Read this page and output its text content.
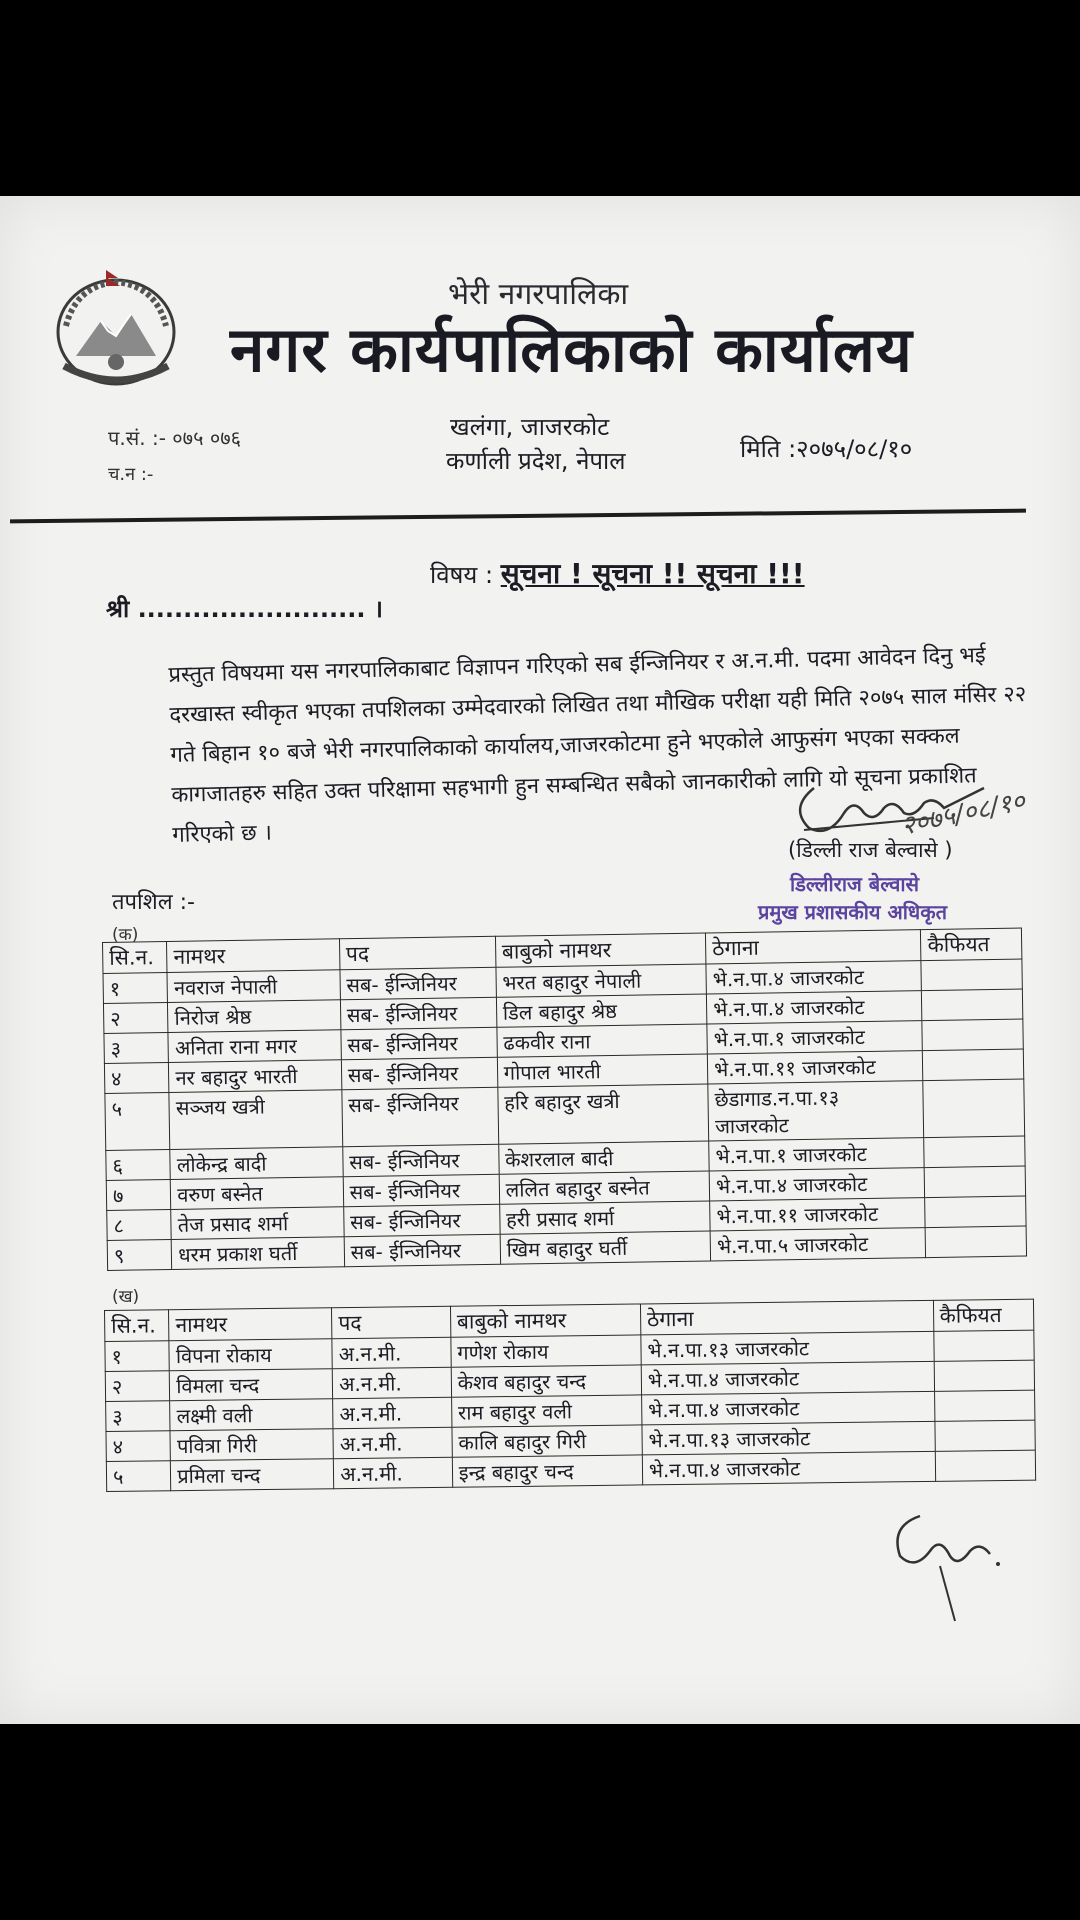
भेरी नगरपालिका
नगर कार्यपालिकाको कार्यालय
खलंगा, जाजरकोट
कर्णाली प्रदेश, नेपाल
प.सं. :- ०७५ ०७६
च.न :-
मिति :२०७५/०८/१०
विषय : सूचना ! सूचना !! सूचना !!!
श्री ......................... ।
प्रस्तुत विषयमा यस नगरपालिकाबाट विज्ञापन गरिएको सब ईन्जिनियर र अ.न.मी. पदमा आवेदन दिनु भई दरखास्त स्वीकृत भएका तपशिलका उम्मेदवारको लिखित तथा मौखिक परीक्षा यही मिति २०७५ साल मंसिर २२ गते बिहान १० बजे भेरी नगरपालिकाको कार्यालय,जाजरकोटमा हुने भएकोले आफुसंग भएका सक्कल कागजातहरु सहित उक्त परिक्षामा सहभागी हुन सम्बन्धित सबैको जानकारीको लागि यो सूचना प्रकाशित गरिएको छ ।	२०७५/०८/१०
(डिल्ली राज बेल्वासे )
डिल्लीराज बेल्वासे
प्रमुख प्रशासकीय अधिकृत
तपशिल :-
(क)
सि.न.	नामथर	पद	बाबुको नामथर	ठेगाना	कैफियत
१	नवराज नेपाली	सब- ईन्जिनियर	भरत बहादुर नेपाली	भे.न.पा.४ जाजरकोट	
२	निरोज श्रेष्ठ	सब- ईन्जिनियर	डिल बहादुर श्रेष्ठ	भे.न.पा.४ जाजरकोट	
३	अनिता राना मगर	सब- ईन्जिनियर	ढकवीर राना	भे.न.पा.१ जाजरकोट	
४	नर बहादुर भारती	सब- ईन्जिनियर	गोपाल भारती	भे.न.पा.११ जाजरकोट	
५	सञ्जय खत्री	सब- ईन्जिनियर	हरि बहादुर खत्री	छेडागाड.न.पा.१३ जाजरकोट	
६	लोकेन्द्र बादी	सब- ईन्जिनियर	केशरलाल बादी	भे.न.पा.१ जाजरकोट	
७	वरुण बस्नेत	सब- ईन्जिनियर	ललित बहादुर बस्नेत	भे.न.पा.४ जाजरकोट	
८	तेज प्रसाद शर्मा	सब- ईन्जिनियर	हरी प्रसाद शर्मा	भे.न.पा.११ जाजरकोट	
९	धरम प्रकाश घर्ती	सब- ईन्जिनियर	खिम बहादुर घर्ती	भे.न.पा.५ जाजरकोट	
(ख)
सि.न.	नामथर	पद	बाबुको नामथर	ठेगाना	कैफियत
१	विपना रोकाय	अ.न.मी.	गणेश रोकाय	भे.न.पा.१३ जाजरकोट	
२	विमला चन्द	अ.न.मी.	केशव बहादुर चन्द	भे.न.पा.४ जाजरकोट	
३	लक्ष्मी वली	अ.न.मी.	राम बहादुर वली	भे.न.पा.४ जाजरकोट	
४	पवित्रा गिरी	अ.न.मी.	कालि बहादुर गिरी	भे.न.पा.१३ जाजरकोट	
५	प्रमिला चन्द	अ.न.मी.	इन्द्र बहादुर चन्द	भे.न.पा.४ जाजरकोट	
